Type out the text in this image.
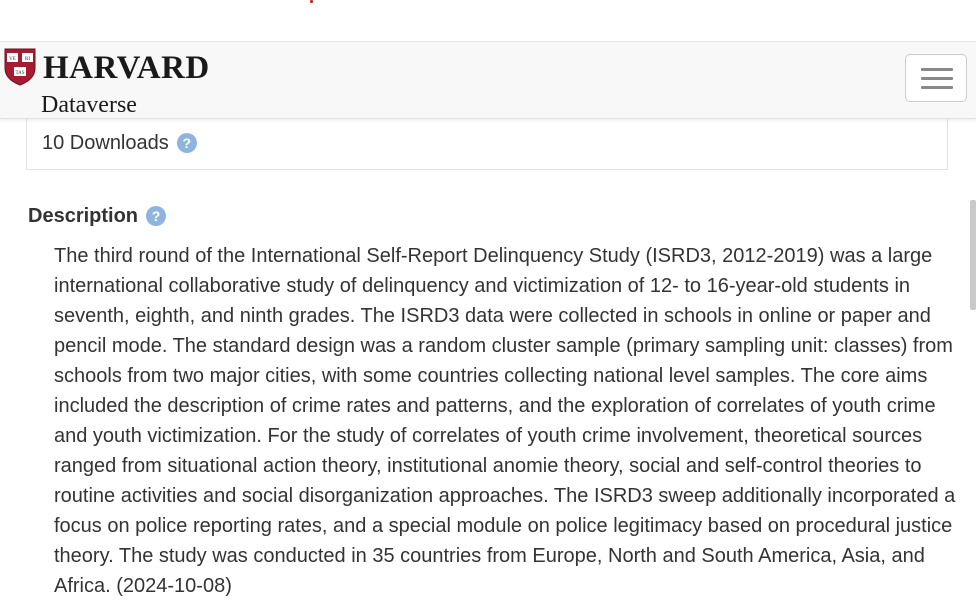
VE RI
TAS HARVARD
Dataverse
10 Downloads ?
Description ?

The third round of the International Self-Report Delinquency Study (ISRD3, 2012-2019) was a large international collaborative study of delinquency and victimization of 12- to 16-year-old students in seventh, eighth, and ninth grades. The ISRD3 data were collected in schools in online or paper and pencil mode. The standard design was a random cluster sample (primary sampling unit: classes) from schools from two major cities, with some countries collecting national level samples. The core aims included the description of crime rates and patterns, and the exploration of correlates of youth crime and youth victimization. For the study of correlates of youth crime involvement, theoretical sources ranged from situational action theory, institutional anomie theory, social and self-control theories to routine activities and social disorganization approaches. The ISRD3 sweep additionally incorporated a focus on police reporting rates, and a special module on police legitimacy based on procedural justice theory. The study was conducted in 35 countries from Europe, North and South America, Asia, and Africa. (2024-10-08)
